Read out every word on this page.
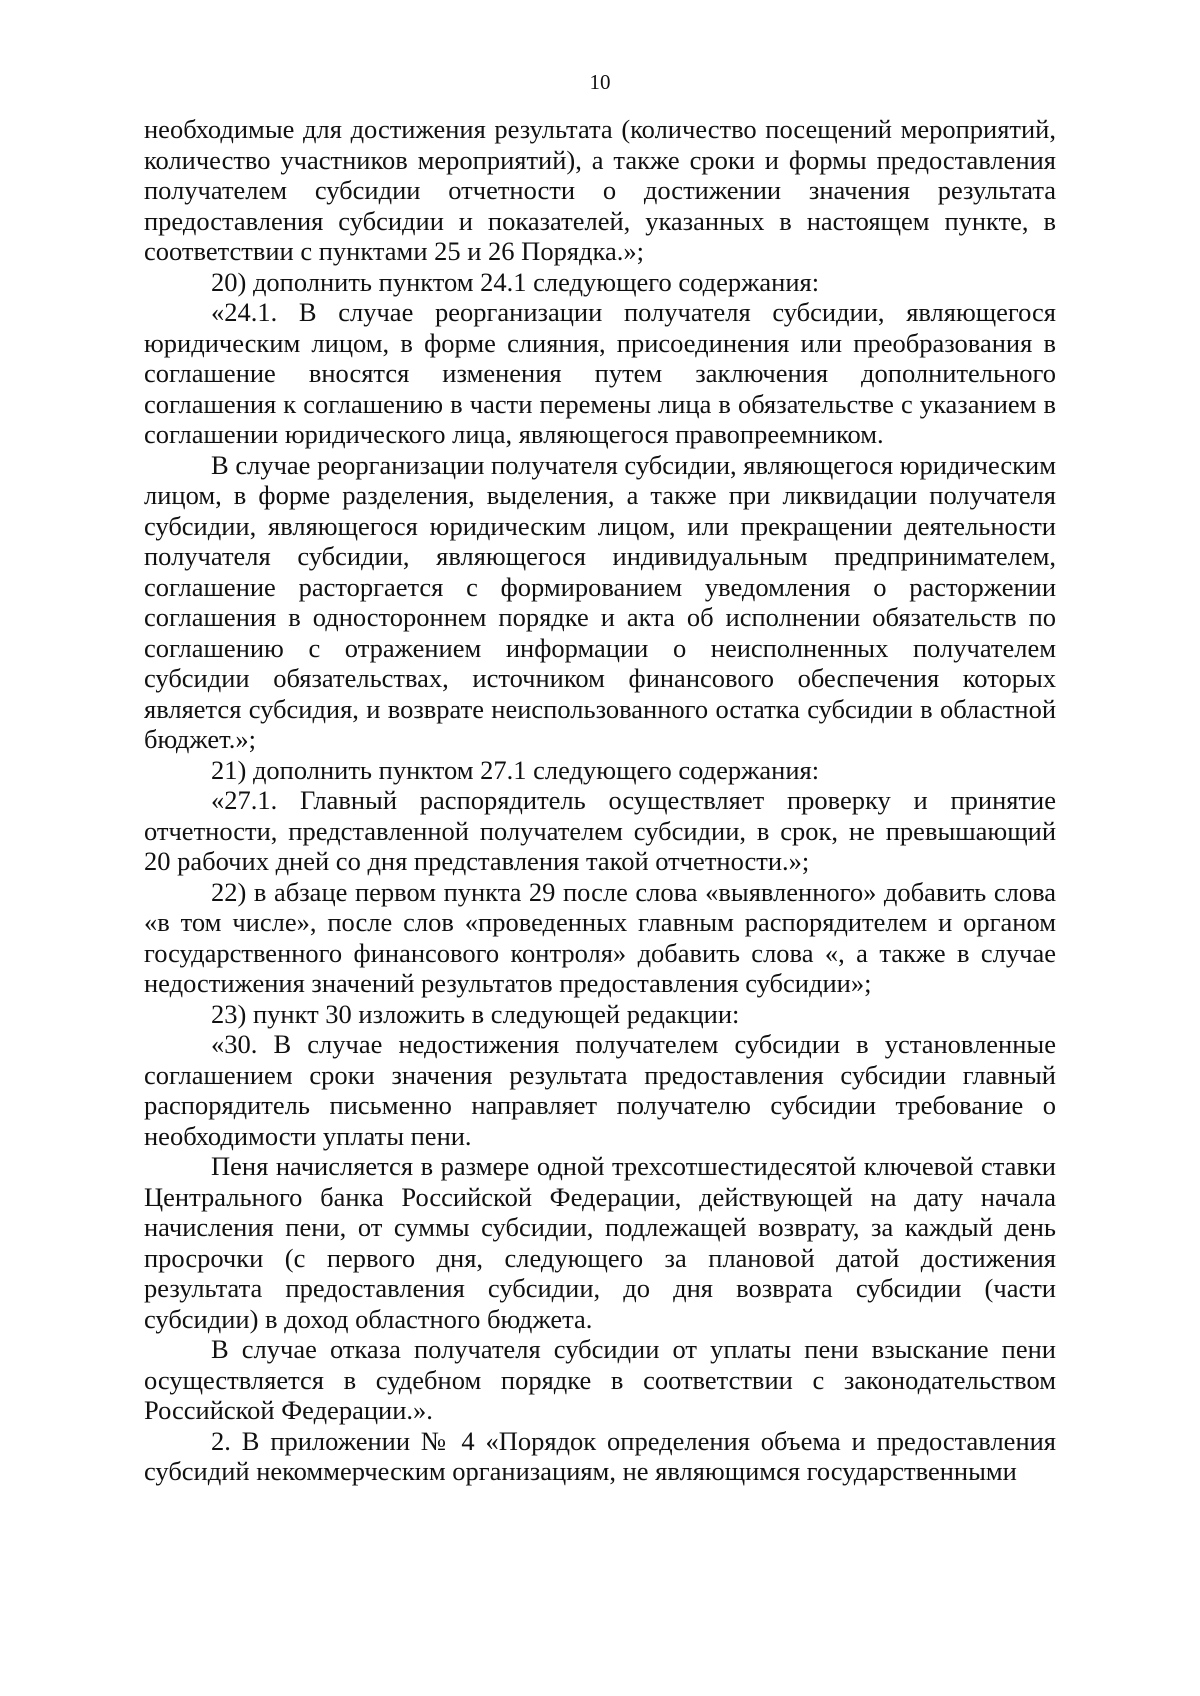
10

необходимые для достижения результата (количество посещений мероприятий, количество участников мероприятий), а также сроки и формы предоставления получателем субсидии отчетности о достижении значения результата предоставления субсидии и показателей, указанных в настоящем пункте, в соответствии с пунктами 25 и 26 Порядка.»;

20) дополнить пунктом 24.1 следующего содержания:

«24.1. В случае реорганизации получателя субсидии, являющегося юридическим лицом, в форме слияния, присоединения или преобразования в соглашение вносятся изменения путем заключения дополнительного соглашения к соглашению в части перемены лица в обязательстве с указанием в соглашении юридического лица, являющегося правопреемником.

В случае реорганизации получателя субсидии, являющегося юридическим лицом, в форме разделения, выделения, а также при ликвидации получателя субсидии, являющегося юридическим лицом, или прекращении деятельности получателя субсидии, являющегося индивидуальным предпринимателем, соглашение расторгается с формированием уведомления о расторжении соглашения в одностороннем порядке и акта об исполнении обязательств по соглашению с отражением информации о неисполненных получателем субсидии обязательствах, источником финансового обеспечения которых является субсидия, и возврате неиспользованного остатка субсидии в областной бюджет.»;

21) дополнить пунктом 27.1 следующего содержания:

«27.1. Главный распорядитель осуществляет проверку и принятие отчетности, представленной получателем субсидии, в срок, не превышающий 20 рабочих дней со дня представления такой отчетности.»;

22) в абзаце первом пункта 29 после слова «выявленного» добавить слова «в том числе», после слов «проведенных главным распорядителем и органом государственного финансового контроля» добавить слова «, а также в случае недостижения значений результатов предоставления субсидии»;

23) пункт 30 изложить в следующей редакции:

«30. В случае недостижения получателем субсидии в установленные соглашением сроки значения результата предоставления субсидии главный распорядитель письменно направляет получателю субсидии требование о необходимости уплаты пени.

Пеня начисляется в размере одной трехсотшестидесятой ключевой ставки Центрального банка Российской Федерации, действующей на дату начала начисления пени, от суммы субсидии, подлежащей возврату, за каждый день просрочки (с первого дня, следующего за плановой датой достижения результата предоставления субсидии, до дня возврата субсидии (части субсидии) в доход областного бюджета.

В случае отказа получателя субсидии от уплаты пени взыскание пени осуществляется в судебном порядке в соответствии с законодательством Российской Федерации.».

2. В приложении № 4 «Порядок определения объема и предоставления субсидий некоммерческим организациям, не являющимся государственными
